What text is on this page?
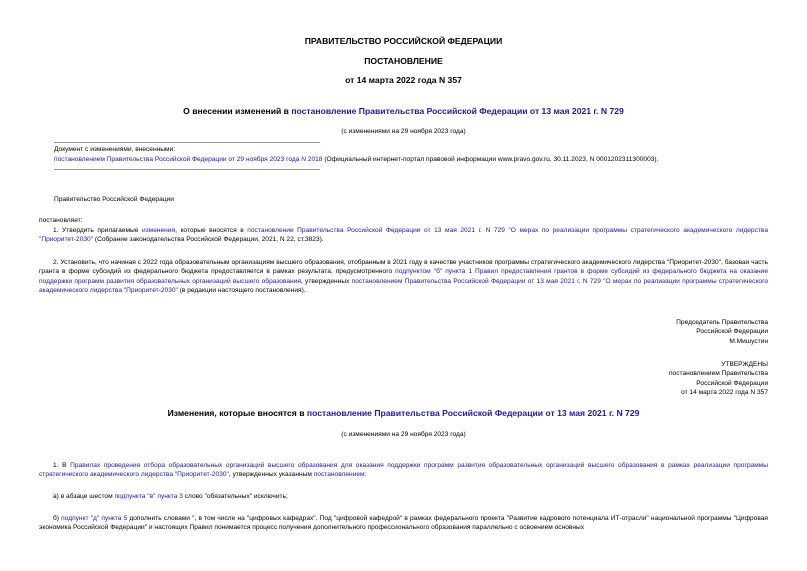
ПРАВИТЕЛЬСТВО РОССИЙСКОЙ ФЕДЕРАЦИИ
ПОСТАНОВЛЕНИЕ
от 14 марта 2022 года N 357
О внесении изменений в постановление Правительства Российской Федерации от 13 мая 2021 г. N 729
(с изменениями на 29 ноября 2023 года)
Документ с изменениями, внесенными:
постановлением Правительства Российской Федерации от 29 ноября 2023 года N 2018 (Официальный интернет-портал правовой информации www.pravo.gov.ru, 30.11.2023, N 0001202311300003).
Правительство Российской Федерации
постановляет:
1. Утвердить прилагаемые изменения, которые вносятся в постановление Правительства Российской Федерации от 13 мая 2021 г. N 729 "О мерах по реализации программы стратегического академического лидерства "Приоритет-2030" (Собрание законодательства Российской Федерации, 2021, N 22, ст.3823).
2. Установить, что начиная с 2022 года образовательным организациям высшего образования, отобранным в 2021 году в качестве участников программы стратегического академического лидерства "Приоритет-2030", базовая часть гранта в форме субсидий из федерального бюджета предоставляется в рамках результата, предусмотренного подпунктом "б" пункта 1 Правил предоставления грантов в форме субсидий из федерального бюджета на оказание поддержки программ развития образовательных организаций высшего образования, утвержденных постановлением Правительства Российской Федерации от 13 мая 2021 г. N 729 "О мерах по реализации программы стратегического академического лидерства "Приоритет-2030" (в редакции настоящего постановления).

Председатель Правительства

Российской Федерации

М.Мишустин

УТВЕРЖДЕНЫ

постановлением Правительства

Российской Федерации

от 14 марта 2022 года N 357

Изменения, которые вносятся в постановление Правительства Российской Федерации от 13 мая 2021 г. N 729
(с изменениями на 29 ноября 2023 года)
1. В Правилах проведения отбора образовательных организаций высшего образования для оказания поддержки программ развития образовательных организаций высшего образования в рамках реализации программы стратегического академического лидерства "Приоритет-2030", утвержденных указанным постановлением:
а) в абзаце шестом подпункта "в" пункта 3 слово "обязательных" исключить;
б) подпункт "д" пункта 5 дополнить словами ", в том числе на "цифровых кафедрах". Под "цифровой кафедрой" в рамках федерального проекта "Развитие кадрового потенциала ИТ-отрасли" национальной программы "Цифровая экономика Российской Федерации" и настоящих Правил понимается процесс получения дополнительного профессионального образования параллельно с освоением основных
